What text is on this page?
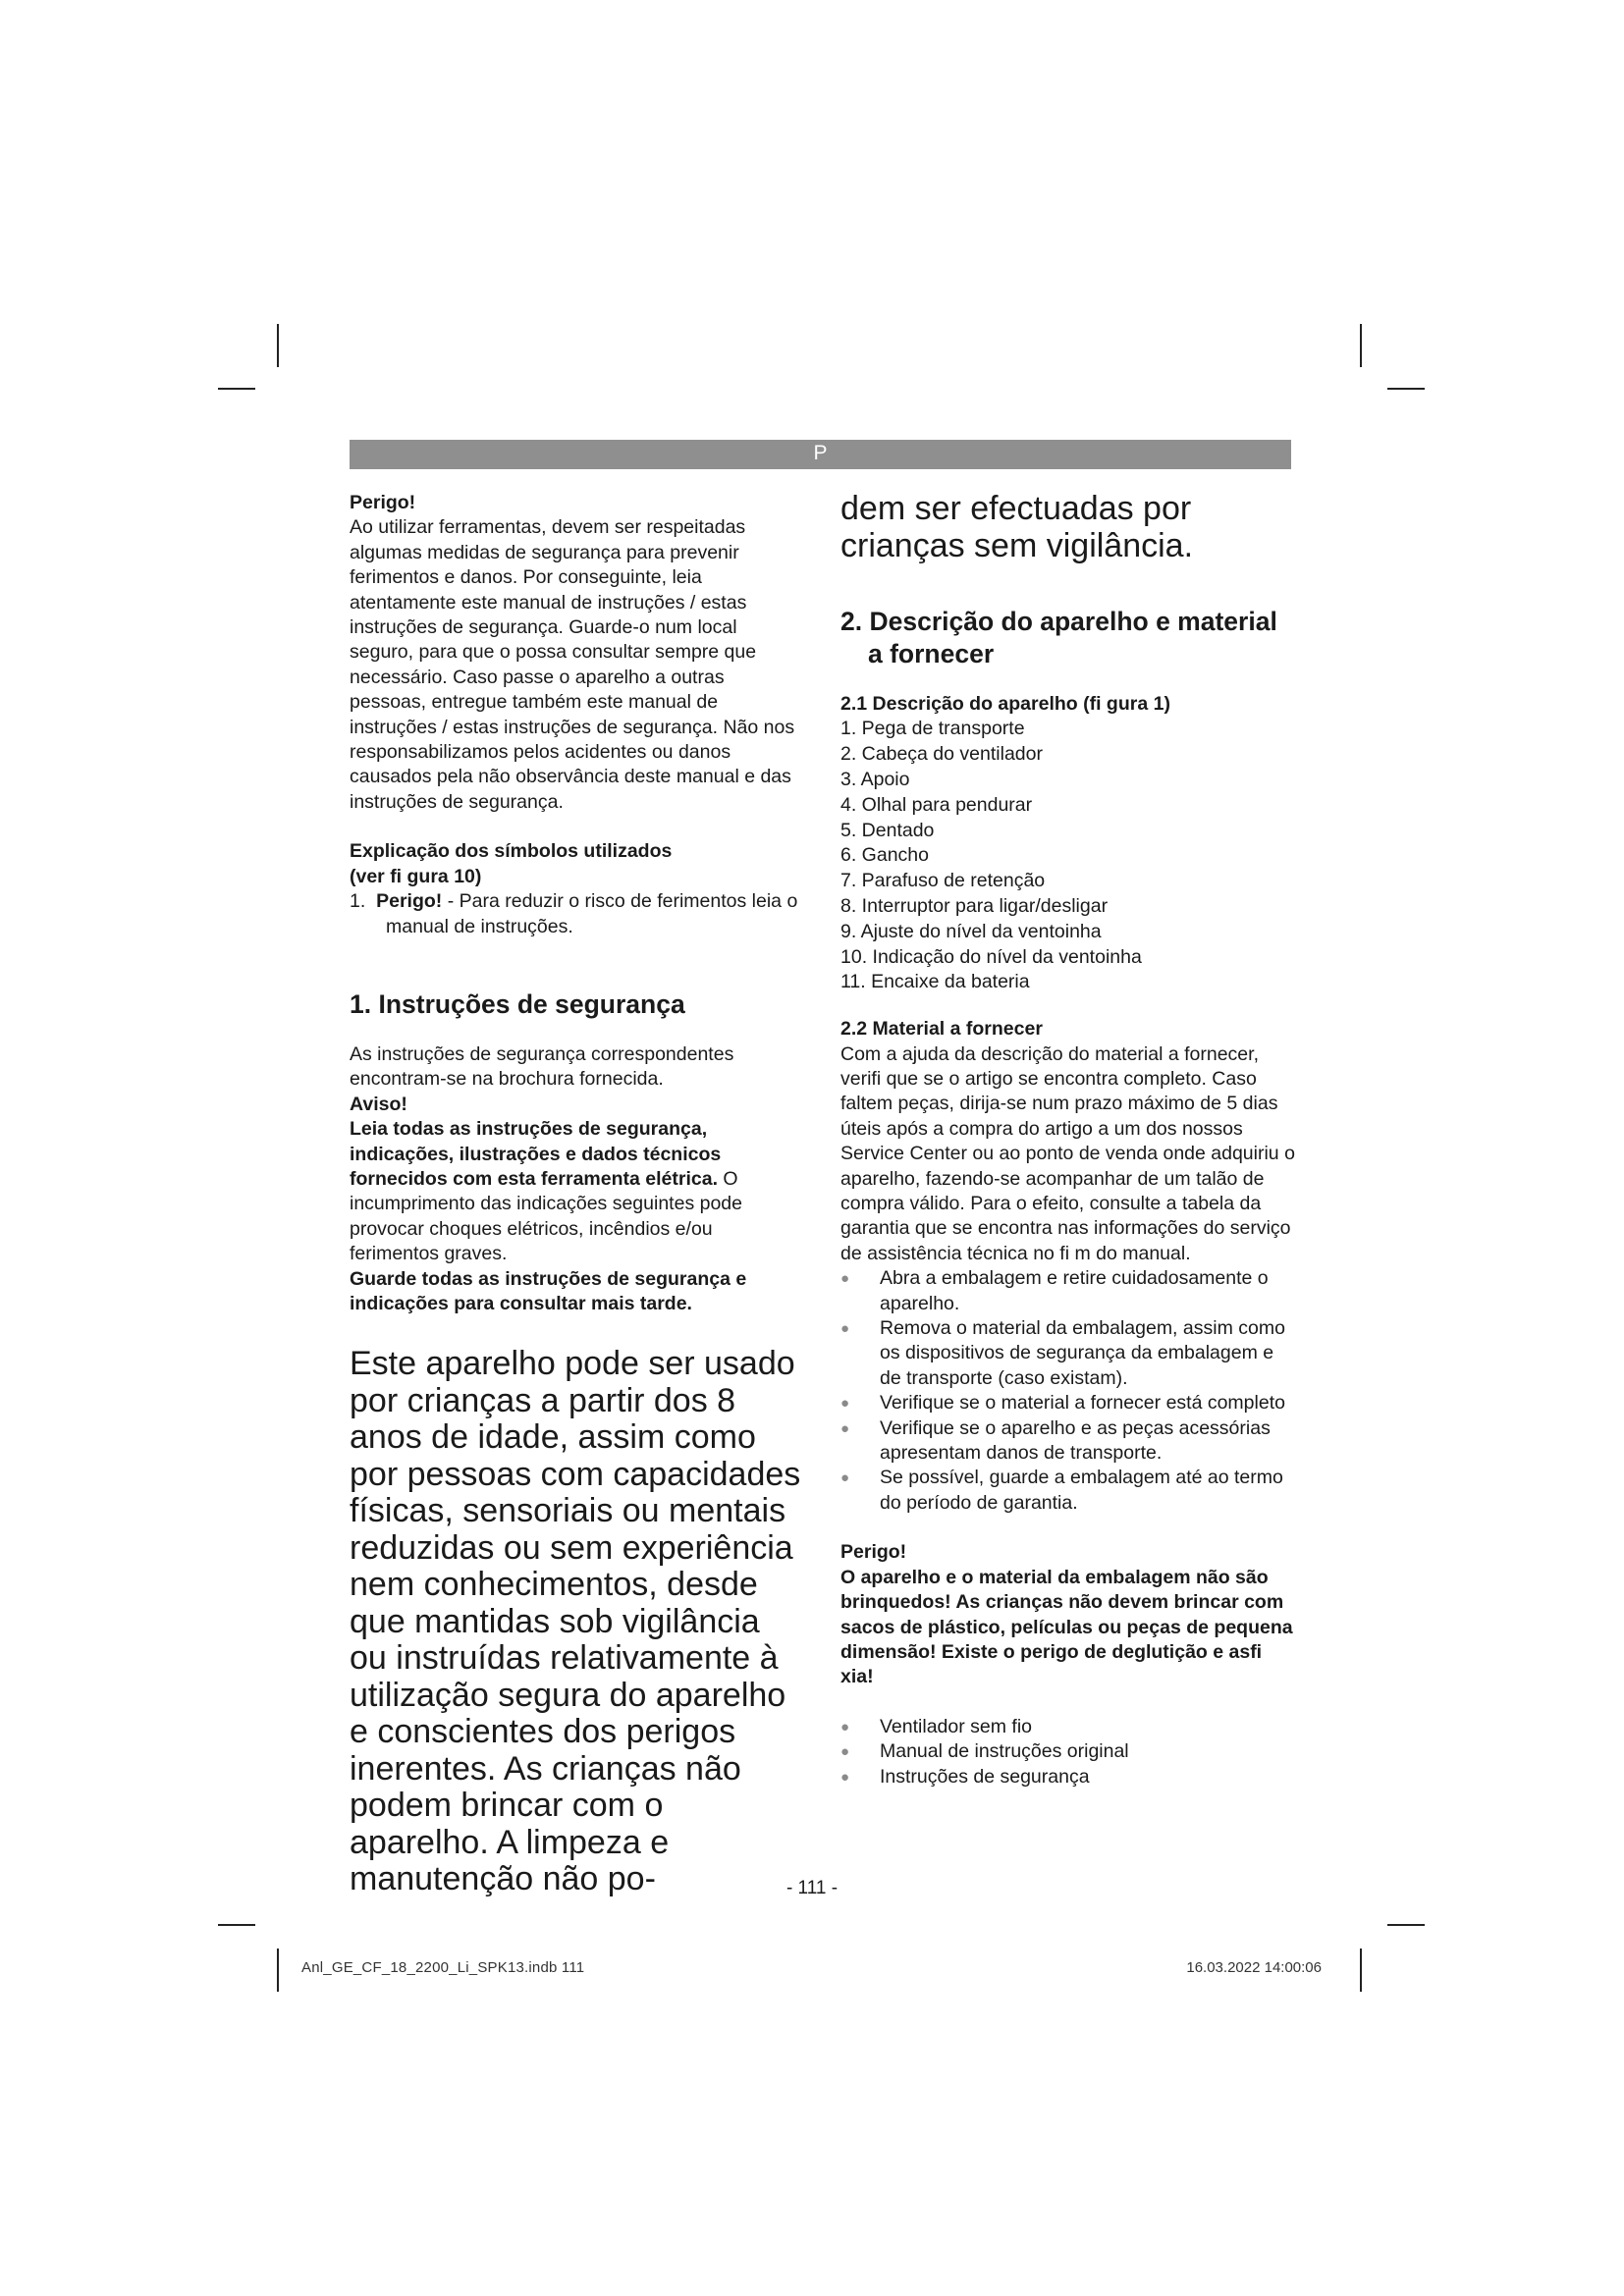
P
Perigo!
Ao utilizar ferramentas, devem ser respeitadas algumas medidas de segurança para prevenir ferimentos e danos. Por conseguinte, leia atentamente este manual de instruções / estas instruções de segurança. Guarde-o num local seguro, para que o possa consultar sempre que necessário. Caso passe o aparelho a outras pessoas, entregue também este manual de instruções / estas instruções de segurança. Não nos responsabilizamos pelos acidentes ou danos causados pela não observância deste manual e das instruções de segurança.
Explicação dos símbolos utilizados
(ver fi gura 10)
1. Perigo! - Para reduzir o risco de ferimentos leia o manual de instruções.
1. Instruções de segurança
As instruções de segurança correspondentes encontram-se na brochura fornecida.
Aviso!
Leia todas as instruções de segurança, indicações, ilustrações e dados técnicos fornecidos com esta ferramenta elétrica. O incumprimento das indicações seguintes pode provocar choques elétricos, incêndios e/ou ferimentos graves.
Guarde todas as instruções de segurança e indicações para consultar mais tarde.
Este aparelho pode ser usado por crianças a partir dos 8 anos de idade, assim como por pessoas com capacidades físicas, sensoriais ou mentais reduzidas ou sem experiência nem conhecimentos, desde que mantidas sob vigilância ou instruídas relativamente à utilização segura do aparelho e conscientes dos perigos inerentes. As crianças não podem brincar com o aparelho. A limpeza e manutenção não po-
dem ser efectuadas por crianças sem vigilância.
2. Descrição do aparelho e material
a fornecer
2.1 Descrição do aparelho (fi gura 1)
1. Pega de transporte
2. Cabeça do ventilador
3. Apoio
4. Olhal para pendurar
5. Dentado
6. Gancho
7. Parafuso de retenção
8. Interruptor para ligar/desligar
9. Ajuste do nível da ventoinha
10. Indicação do nível da ventoinha
11. Encaixe da bateria
2.2 Material a fornecer
Com a ajuda da descrição do material a fornecer, verifi que se o artigo se encontra completo. Caso faltem peças, dirija-se num prazo máximo de 5 dias úteis após a compra do artigo a um dos nossos Service Center ou ao ponto de venda onde adquiriu o aparelho, fazendo-se acompanhar de um talão de compra válido. Para o efeito, consulte a tabela da garantia que se encontra nas informações do serviço de assistência técnica no fi m do manual.
● Abra a embalagem e retire cuidadosamente o aparelho.
● Remova o material da embalagem, assim como os dispositivos de segurança da embalagem e de transporte (caso existam).
● Verifique se o material a fornecer está completo
● Verifique se o aparelho e as peças acessórias apresentam danos de transporte.
● Se possível, guarde a embalagem até ao termo do período de garantia.
Perigo!
O aparelho e o material da embalagem não são brinquedos! As crianças não devem brincar com sacos de plástico, películas ou peças de pequena dimensão! Existe o perigo de deglutição e asfi xia!
● Ventilador sem fio
● Manual de instruções original
● Instruções de segurança
- 111 -
Anl_GE_CF_18_2200_Li_SPK13.indb 111	16.03.2022 14:00:06
